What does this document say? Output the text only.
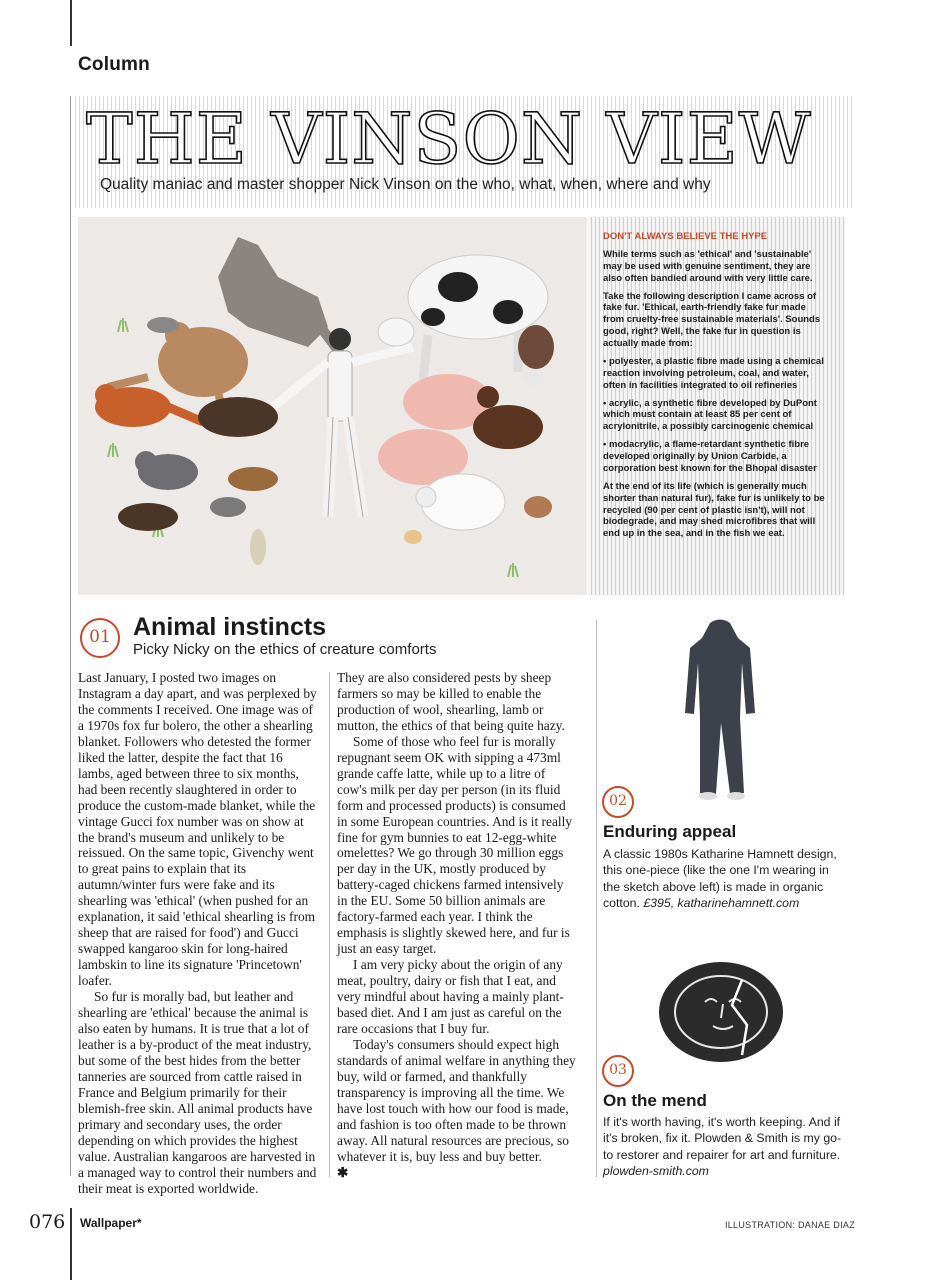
Column
THE VINSON VIEW
Quality maniac and master shopper Nick Vinson on the who, what, when, where and why
DON'T ALWAYS BELIEVE THE HYPE

While terms such as 'ethical' and 'sustainable' may be used with genuine sentiment, they are also often bandied around with very little care.

Take the following description I came across of fake fur. 'Ethical, earth-friendly fake fur made from cruelty-free sustainable materials'. Sounds good, right? Well, the fake fur in question is actually made from:

• polyester, a plastic fibre made using a chemical reaction involving petroleum, coal, and water, often in facilities integrated to oil refineries

• acrylic, a synthetic fibre developed by DuPont which must contain at least 85 per cent of acrylonitrile, a possibly carcinogenic chemical

• modacrylic, a flame-retardant synthetic fibre developed originally by Union Carbide, a corporation best known for the Bhopal disaster

At the end of its life (which is generally much shorter than natural fur), fake fur is unlikely to be recycled (90 per cent of plastic isn't), will not biodegrade, and may shed microfibres that will end up in the sea, and in the fish we eat.

01 Animal instincts
Picky Nicky on the ethics of creature comforts

Last January, I posted two images on Instagram a day apart, and was perplexed by the comments I received. One image was of a 1970s fox fur bolero, the other a shearling blanket. Followers who detested the former liked the latter, despite the fact that 16 lambs, aged between three to six months, had been recently slaughtered in order to produce the custom-made blanket, while the vintage Gucci fox number was on show at the brand's museum and unlikely to be reissued. On the same topic, Givenchy went to great pains to explain that its autumn/winter furs were fake and its shearling was 'ethical' (when pushed for an explanation, it said 'ethical shearling is from sheep that are raised for food') and Gucci swapped kangaroo skin for long-haired lambskin to line its signature 'Princetown' loafer.

So fur is morally bad, but leather and shearling are 'ethical' because the animal is also eaten by humans. It is true that a lot of leather is a by-product of the meat industry, but some of the best hides from the better tanneries are sourced from cattle raised in France and Belgium primarily for their blemish-free skin. All animal products have primary and secondary uses, the order depending on which provides the highest value. Australian kangaroos are harvested in a managed way to control their numbers and their meat is exported worldwide.

They are also considered pests by sheep farmers so may be killed to enable the production of wool, shearling, lamb or mutton, the ethics of that being quite hazy.

Some of those who feel fur is morally repugnant seem OK with sipping a 473ml grande caffe latte, while up to a litre of cow's milk per day per person (in its fluid form and processed products) is consumed in some European countries. And is it really fine for gym bunnies to eat 12-egg-white omelettes? We go through 30 million eggs per day in the UK, mostly produced by battery-caged chickens farmed intensively in the EU. Some 50 billion animals are factory-farmed each year. I think the emphasis is slightly skewed here, and fur is just an easy target.

I am very picky about the origin of any meat, poultry, dairy or fish that I eat, and very mindful about having a mainly plant-based diet. And I am just as careful on the rare occasions that I buy fur.

Today's consumers should expect high standards of animal welfare in anything they buy, wild or farmed, and thankfully transparency is improving all the time. We have lost touch with how our food is made, and fashion is too often made to be thrown away. All natural resources are precious, so whatever it is, buy less and buy better.

✱
02
Enduring appeal
A classic 1980s Katharine Hamnett design, this one-piece (like the one I'm wearing in the sketch above left) is made in organic cotton. £395, katharinehamnett.com
03
On the mend
If it's worth having, it's worth keeping. And if it's broken, fix it. Plowden & Smith is my go-to restorer and repairer for art and furniture. plowden-smith.com
076 Wallpaper*	ILLUSTRATION: DANAE DIAZ
